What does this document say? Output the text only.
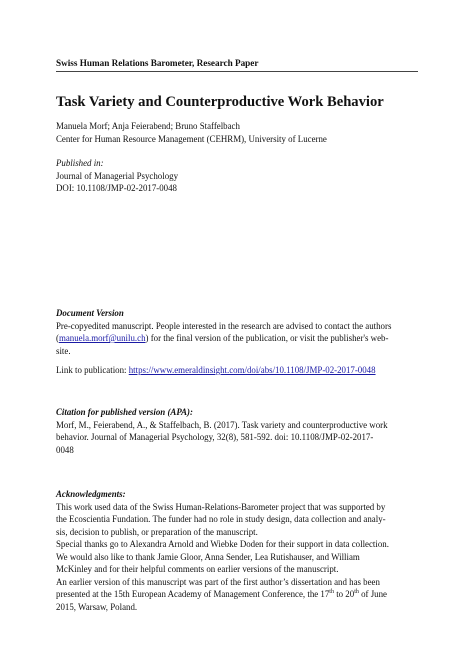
Swiss Human Relations Barometer, Research Paper
Task Variety and Counterproductive Work Behavior
Manuela Morf; Anja Feierabend; Bruno Staffelbach
Center for Human Resource Management (CEHRM), University of Lucerne
Published in:
Journal of Managerial Psychology
DOI: 10.1108/JMP-02-2017-0048
Document Version
Pre-copyedited manuscript. People interested in the research are advised to contact the authors
(manuela.morf@unilu.ch) for the final version of the publication, or visit the publisher's web-
site.
Link to publication: https://www.emeraldinsight.com/doi/abs/10.1108/JMP-02-2017-0048
Citation for published version (APA):
Morf, M., Feierabend, A., & Staffelbach, B. (2017). Task variety and counterproductive work
behavior. Journal of Managerial Psychology, 32(8), 581-592. doi: 10.1108/JMP-02-2017-
0048
Acknowledgments:
This work used data of the Swiss Human-Relations-Barometer project that was supported by
the Ecoscientia Fundation. The funder had no role in study design, data collection and analy-
sis, decision to publish, or preparation of the manuscript.
Special thanks go to Alexandra Arnold and Wiebke Doden for their support in data collection.
We would also like to thank Jamie Gloor, Anna Sender, Lea Rutishauser, and William
McKinley and for their helpful comments on earlier versions of the manuscript.
An earlier version of this manuscript was part of the first author’s dissertation and has been
presented at the 15th European Academy of Management Conference, the 17th to 20th of June
2015, Warsaw, Poland.
